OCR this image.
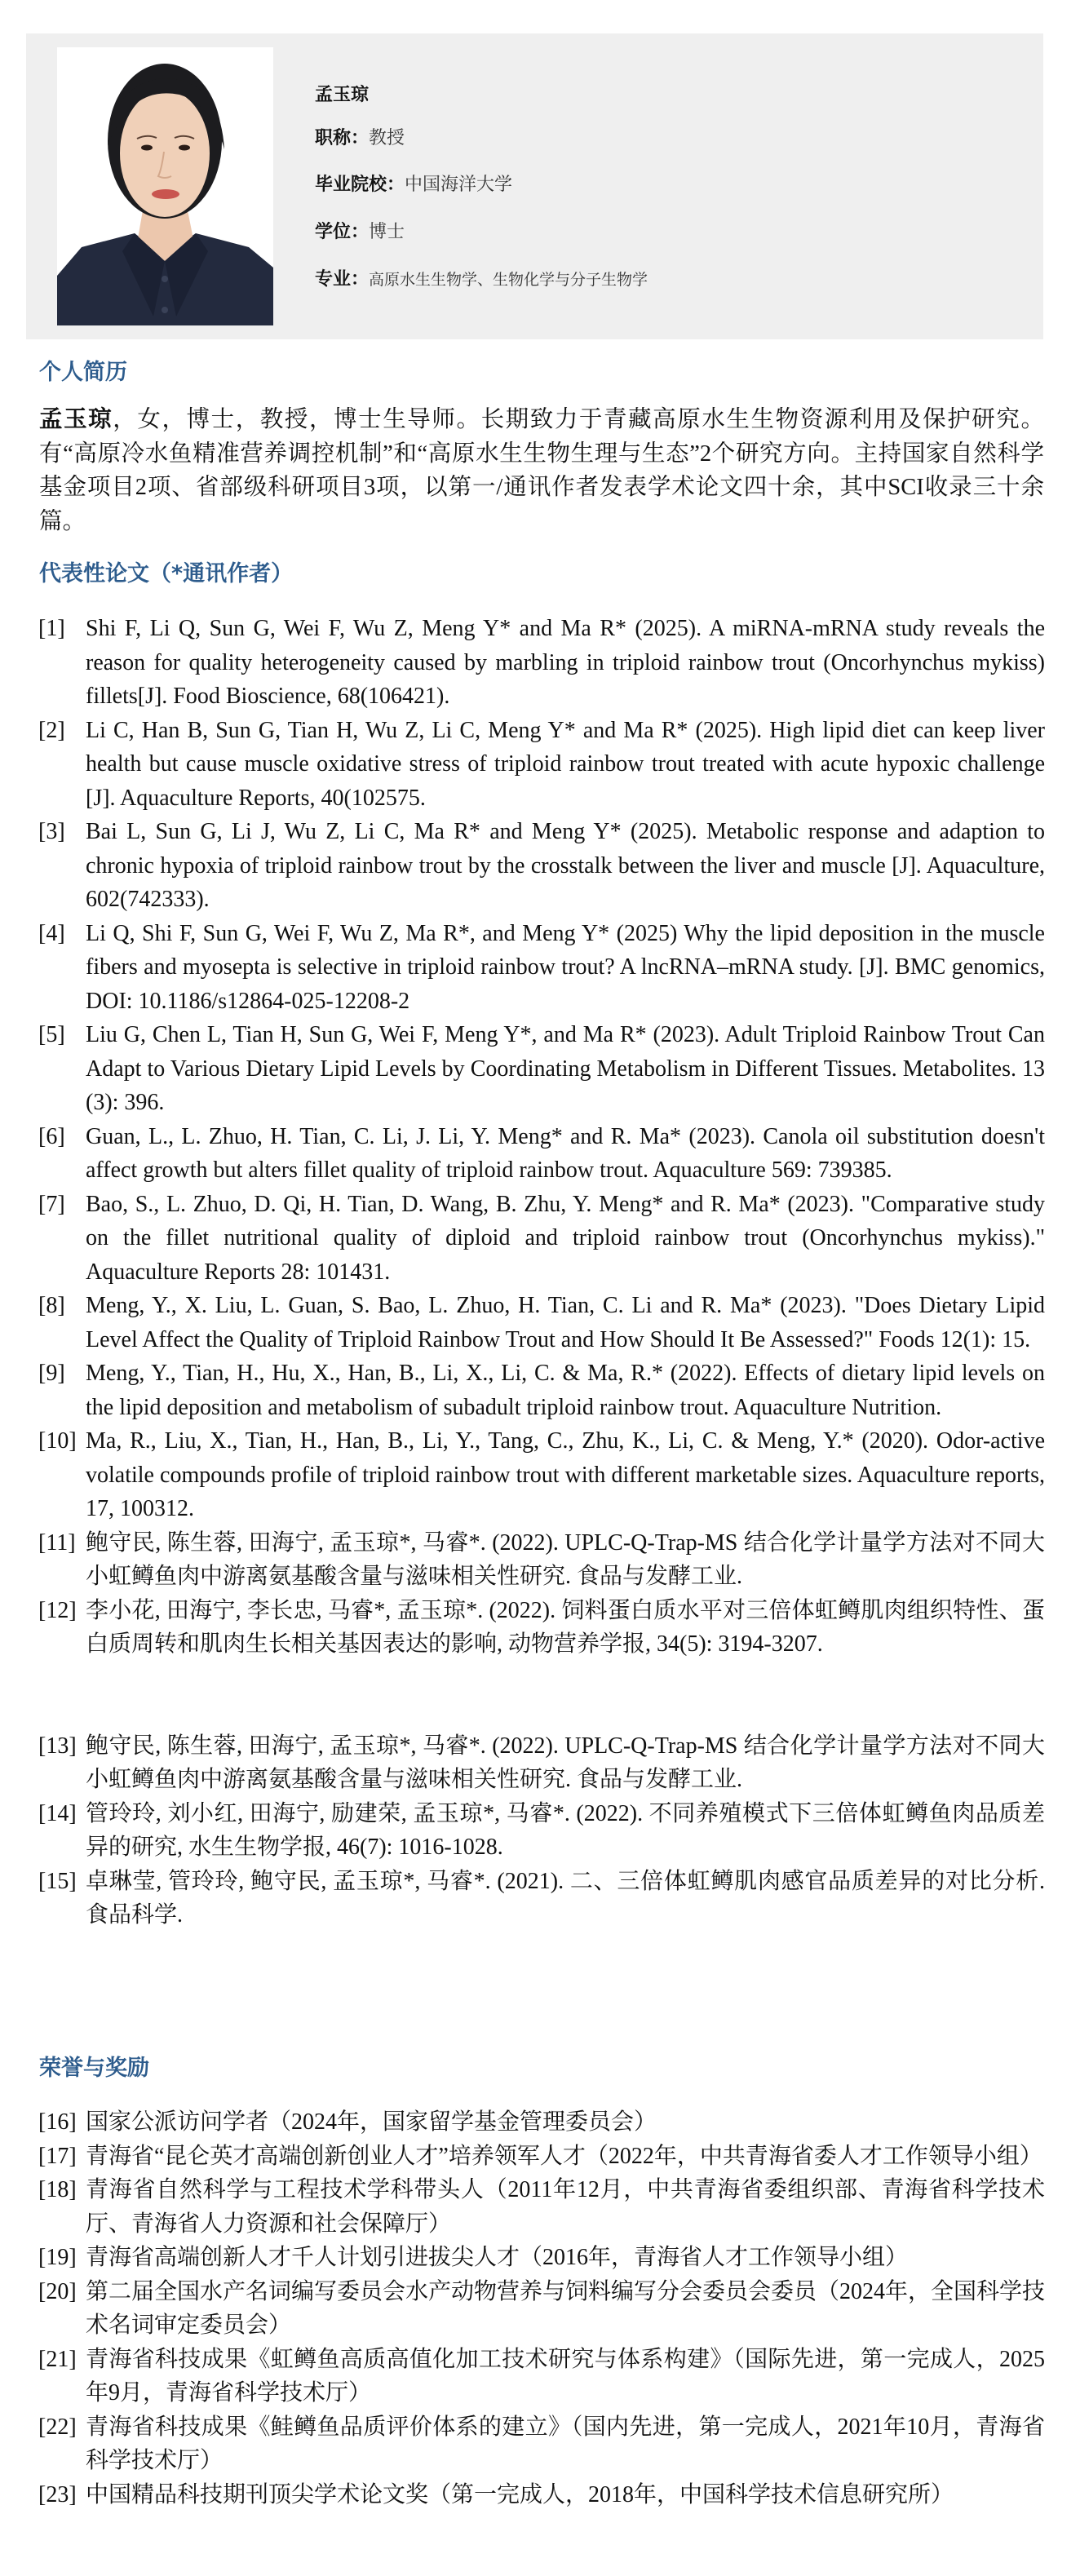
孟玉琼
职称：教授
毕业院校：中国海洋大学
学位：博士
专业：高原水生生物学、生物化学与分子生物学
个人简历
孟玉琼，女，博士，教授，博士生导师。长期致力于青藏高原水生生物资源利用及保护研究。有“高原冷水鱼精准营养调控机制”和“高原水生生物生理与生态”2个研究方向。主持国家自然科学基金项目2项、省部级科研项目3项，以第一/通讯作者发表学术论文四十余，其中SCI收录三十余篇。
代表性论文（*通讯作者）
[1] Shi F, Li Q, Sun G, Wei F, Wu Z, Meng Y* and Ma R* (2025). A miRNA-mRNA study reveals the reason for quality heterogeneity caused by marbling in triploid rainbow trout (Oncorhynchus mykiss) fillets[J]. Food Bioscience, 68(106421).
[2] Li C, Han B, Sun G, Tian H, Wu Z, Li C, Meng Y* and Ma R* (2025). High lipid diet can keep liver health but cause muscle oxidative stress of triploid rainbow trout treated with acute hypoxic challenge [J]. Aquaculture Reports, 40(102575.
[3] Bai L, Sun G, Li J, Wu Z, Li C, Ma R* and Meng Y* (2025). Metabolic response and adaption to chronic hypoxia of triploid rainbow trout by the crosstalk between the liver and muscle [J]. Aquaculture, 602(742333).
[4] Li Q, Shi F, Sun G, Wei F, Wu Z, Ma R*, and Meng Y* (2025) Why the lipid deposition in the muscle fibers and myosepta is selective in triploid rainbow trout? A lncRNA–mRNA study. [J]. BMC genomics, DOI: 10.1186/s12864-025-12208-2
[5] Liu G, Chen L, Tian H, Sun G, Wei F, Meng Y*, and Ma R* (2023). Adult Triploid Rainbow Trout Can Adapt to Various Dietary Lipid Levels by Coordinating Metabolism in Different Tissues. Metabolites. 13 (3): 396.
[6] Guan, L., L. Zhuo, H. Tian, C. Li, J. Li, Y. Meng* and R. Ma* (2023). Canola oil substitution doesn't affect growth but alters fillet quality of triploid rainbow trout. Aquaculture 569: 739385.
[7] Bao, S., L. Zhuo, D. Qi, H. Tian, D. Wang, B. Zhu, Y. Meng* and R. Ma* (2023). "Comparative study on the fillet nutritional quality of diploid and triploid rainbow trout (Oncorhynchus mykiss)." Aquaculture Reports 28: 101431.
[8] Meng, Y., X. Liu, L. Guan, S. Bao, L. Zhuo, H. Tian, C. Li and R. Ma* (2023). "Does Dietary Lipid Level Affect the Quality of Triploid Rainbow Trout and How Should It Be Assessed?" Foods 12(1): 15.
[9] Meng, Y., Tian, H., Hu, X., Han, B., Li, X., Li, C. & Ma, R.* (2022). Effects of dietary lipid levels on the lipid deposition and metabolism of subadult triploid rainbow trout. Aquaculture Nutrition.
[10] Ma, R., Liu, X., Tian, H., Han, B., Li, Y., Tang, C., Zhu, K., Li, C. & Meng, Y.* (2020). Odor-active volatile compounds profile of triploid rainbow trout with different marketable sizes. Aquaculture reports, 17, 100312.
[11] 鲍守民, 陈生蓉, 田海宁, 孟玉琼*, 马睿*. (2022). UPLC-Q-Trap-MS 结合化学计量学方法对不同大小虹鳟鱼肉中游离氨基酸含量与滋味相关性研究. 食品与发酵工业.
[12] 李小花, 田海宁, 李长忠, 马睿*, 孟玉琼*. (2022). 饲料蛋白质水平对三倍体虹鳟肌肉组织特性、蛋白质周转和肌肉生长相关基因表达的影响, 动物营养学报, 34(5): 3194-3207.
[13] 鲍守民, 陈生蓉, 田海宁, 孟玉琼*, 马睿*. (2022). UPLC-Q-Trap-MS 结合化学计量学方法对不同大小虹鳟鱼肉中游离氨基酸含量与滋味相关性研究. 食品与发酵工业.
[14] 管玲玲, 刘小红, 田海宁, 励建荣, 孟玉琼*, 马睿*. (2022). 不同养殖模式下三倍体虹鳟鱼肉品质差异的研究, 水生生物学报, 46(7): 1016-1028.
[15] 卓琳莹, 管玲玲, 鲍守民, 孟玉琼*, 马睿*. (2021). 二、三倍体虹鳟肌肉感官品质差异的对比分析. 食品科学.
荣誉与奖励
[16] 国家公派访问学者（2024年，国家留学基金管理委员会）
[17] 青海省“昆仑英才高端创新创业人才”培养领军人才（2022年，中共青海省委人才工作领导小组）
[18] 青海省自然科学与工程技术学科带头人（2011年12月，中共青海省委组织部、青海省科学技术厅、青海省人力资源和社会保障厅）
[19] 青海省高端创新人才千人计划引进拔尖人才（2016年，青海省人才工作领导小组）
[20] 第二届全国水产名词编写委员会水产动物营养与饲料编写分会委员会委员（2024年，全国科学技术名词审定委员会）
[21] 青海省科技成果《虹鳟鱼高质高值化加工技术研究与体系构建》（国际先进，第一完成人，2025年9月，青海省科学技术厅）
[22] 青海省科技成果《鲑鳟鱼品质评价体系的建立》（国内先进，第一完成人，2021年10月，青海省科学技术厅）
[23] 中国精品科技期刊顶尖学术论文奖（第一完成人，2018年，中国科学技术信息研究所）
